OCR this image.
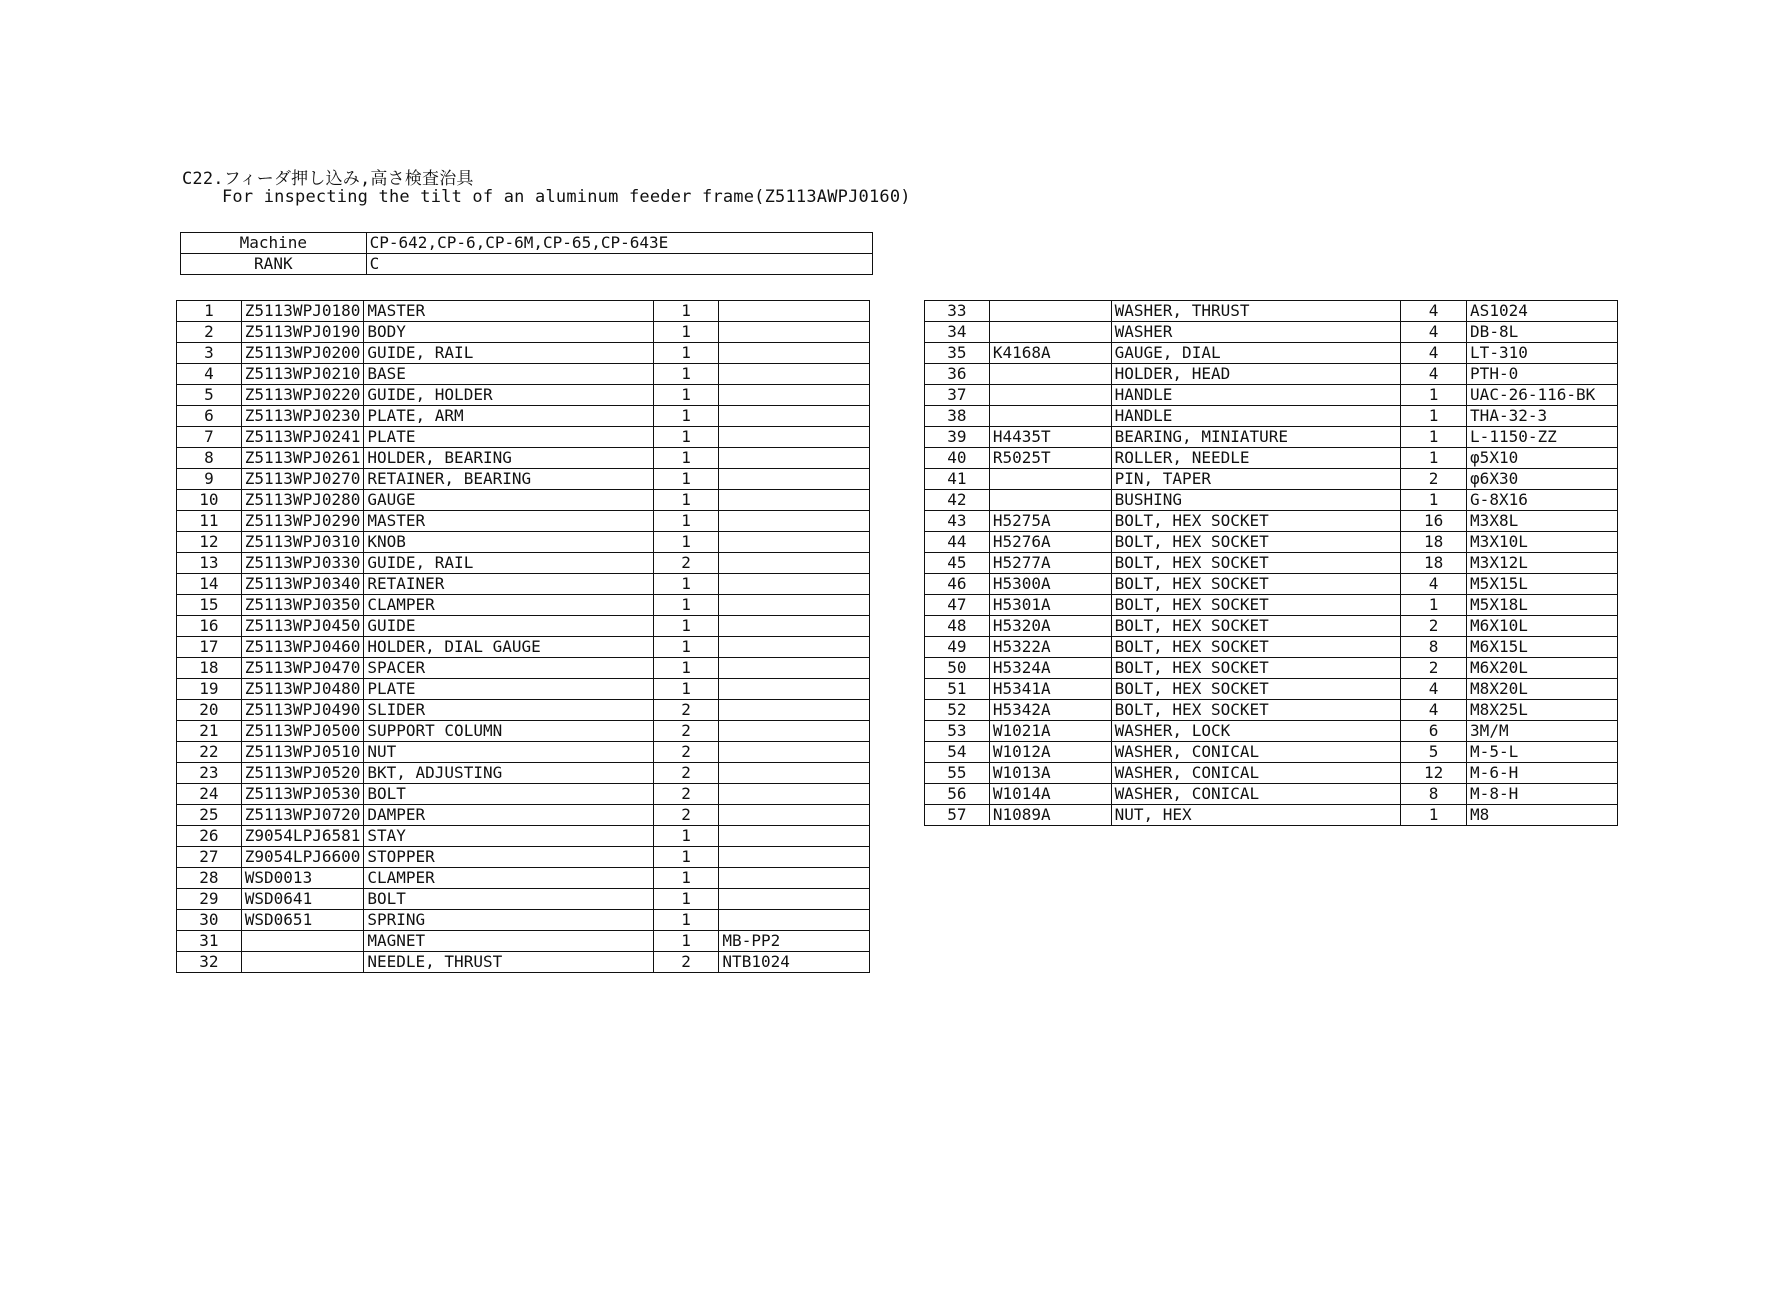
C22.フィーダ押し込み,高さ検査治具
For inspecting the tilt of an aluminum feeder frame(Z5113AWPJ0160)
Machine	CP-642,CP-6,CP-6M,CP-65,CP-643E
RANK	C
1	Z5113WPJ0180	MASTER	1	
2	Z5113WPJ0190	BODY	1	
3	Z5113WPJ0200	GUIDE, RAIL	1	
4	Z5113WPJ0210	BASE	1	
5	Z5113WPJ0220	GUIDE, HOLDER	1	
6	Z5113WPJ0230	PLATE, ARM	1	
7	Z5113WPJ0241	PLATE	1	
8	Z5113WPJ0261	HOLDER, BEARING	1	
9	Z5113WPJ0270	RETAINER, BEARING	1	
10	Z5113WPJ0280	GAUGE	1	
11	Z5113WPJ0290	MASTER	1	
12	Z5113WPJ0310	KNOB	1	
13	Z5113WPJ0330	GUIDE, RAIL	2	
14	Z5113WPJ0340	RETAINER	1	
15	Z5113WPJ0350	CLAMPER	1	
16	Z5113WPJ0450	GUIDE	1	
17	Z5113WPJ0460	HOLDER, DIAL GAUGE	1	
18	Z5113WPJ0470	SPACER	1	
19	Z5113WPJ0480	PLATE	1	
20	Z5113WPJ0490	SLIDER	2	
21	Z5113WPJ0500	SUPPORT COLUMN	2	
22	Z5113WPJ0510	NUT	2	
23	Z5113WPJ0520	BKT, ADJUSTING	2	
24	Z5113WPJ0530	BOLT	2	
25	Z5113WPJ0720	DAMPER	2	
26	Z9054LPJ6581	STAY	1	
27	Z9054LPJ6600	STOPPER	1	
28	WSD0013	CLAMPER	1	
29	WSD0641	BOLT	1	
30	WSD0651	SPRING	1	
31		MAGNET	1	MB-PP2
32		NEEDLE, THRUST	2	NTB1024
33		WASHER, THRUST	4	AS1024
34		WASHER	4	DB-8L
35	K4168A	GAUGE, DIAL	4	LT-310
36		HOLDER, HEAD	4	PTH-0
37		HANDLE	1	UAC-26-116-BK
38		HANDLE	1	THA-32-3
39	H4435T	BEARING, MINIATURE	1	L-1150-ZZ
40	R5025T	ROLLER, NEEDLE	1	φ5X10
41		PIN, TAPER	2	φ6X30
42		BUSHING	1	G-8X16
43	H5275A	BOLT, HEX SOCKET	16	M3X8L
44	H5276A	BOLT, HEX SOCKET	18	M3X10L
45	H5277A	BOLT, HEX SOCKET	18	M3X12L
46	H5300A	BOLT, HEX SOCKET	4	M5X15L
47	H5301A	BOLT, HEX SOCKET	1	M5X18L
48	H5320A	BOLT, HEX SOCKET	2	M6X10L
49	H5322A	BOLT, HEX SOCKET	8	M6X15L
50	H5324A	BOLT, HEX SOCKET	2	M6X20L
51	H5341A	BOLT, HEX SOCKET	4	M8X20L
52	H5342A	BOLT, HEX SOCKET	4	M8X25L
53	W1021A	WASHER, LOCK	6	3M/M
54	W1012A	WASHER, CONICAL	5	M-5-L
55	W1013A	WASHER, CONICAL	12	M-6-H
56	W1014A	WASHER, CONICAL	8	M-8-H
57	N1089A	NUT, HEX	1	M8
